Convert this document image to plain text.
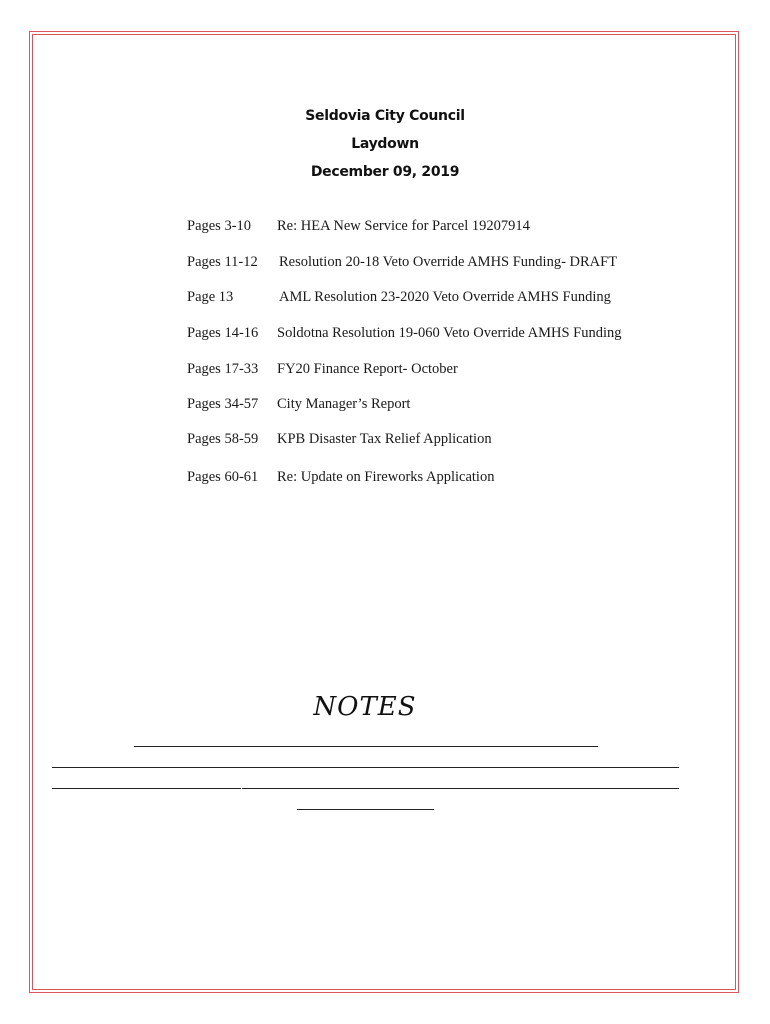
Seldovia City Council
Laydown
December 09, 2019
Pages 3-10 Re: HEA New Service for Parcel 19207914
Pages 11-12 Resolution 20-18 Veto Override AMHS Funding- DRAFT
Page 13	AML Resolution 23-2020 Veto Override AMHS Funding
Pages 14-16 Soldotna Resolution 19-060 Veto Override AMHS Funding
Pages 17-33 FY20 Finance Report- October
Pages 34-57 City Manager’s Report
Pages 58-59 KPB Disaster Tax Relief Application
Pages 60-61 Re: Update on Fireworks Application
NOTES
